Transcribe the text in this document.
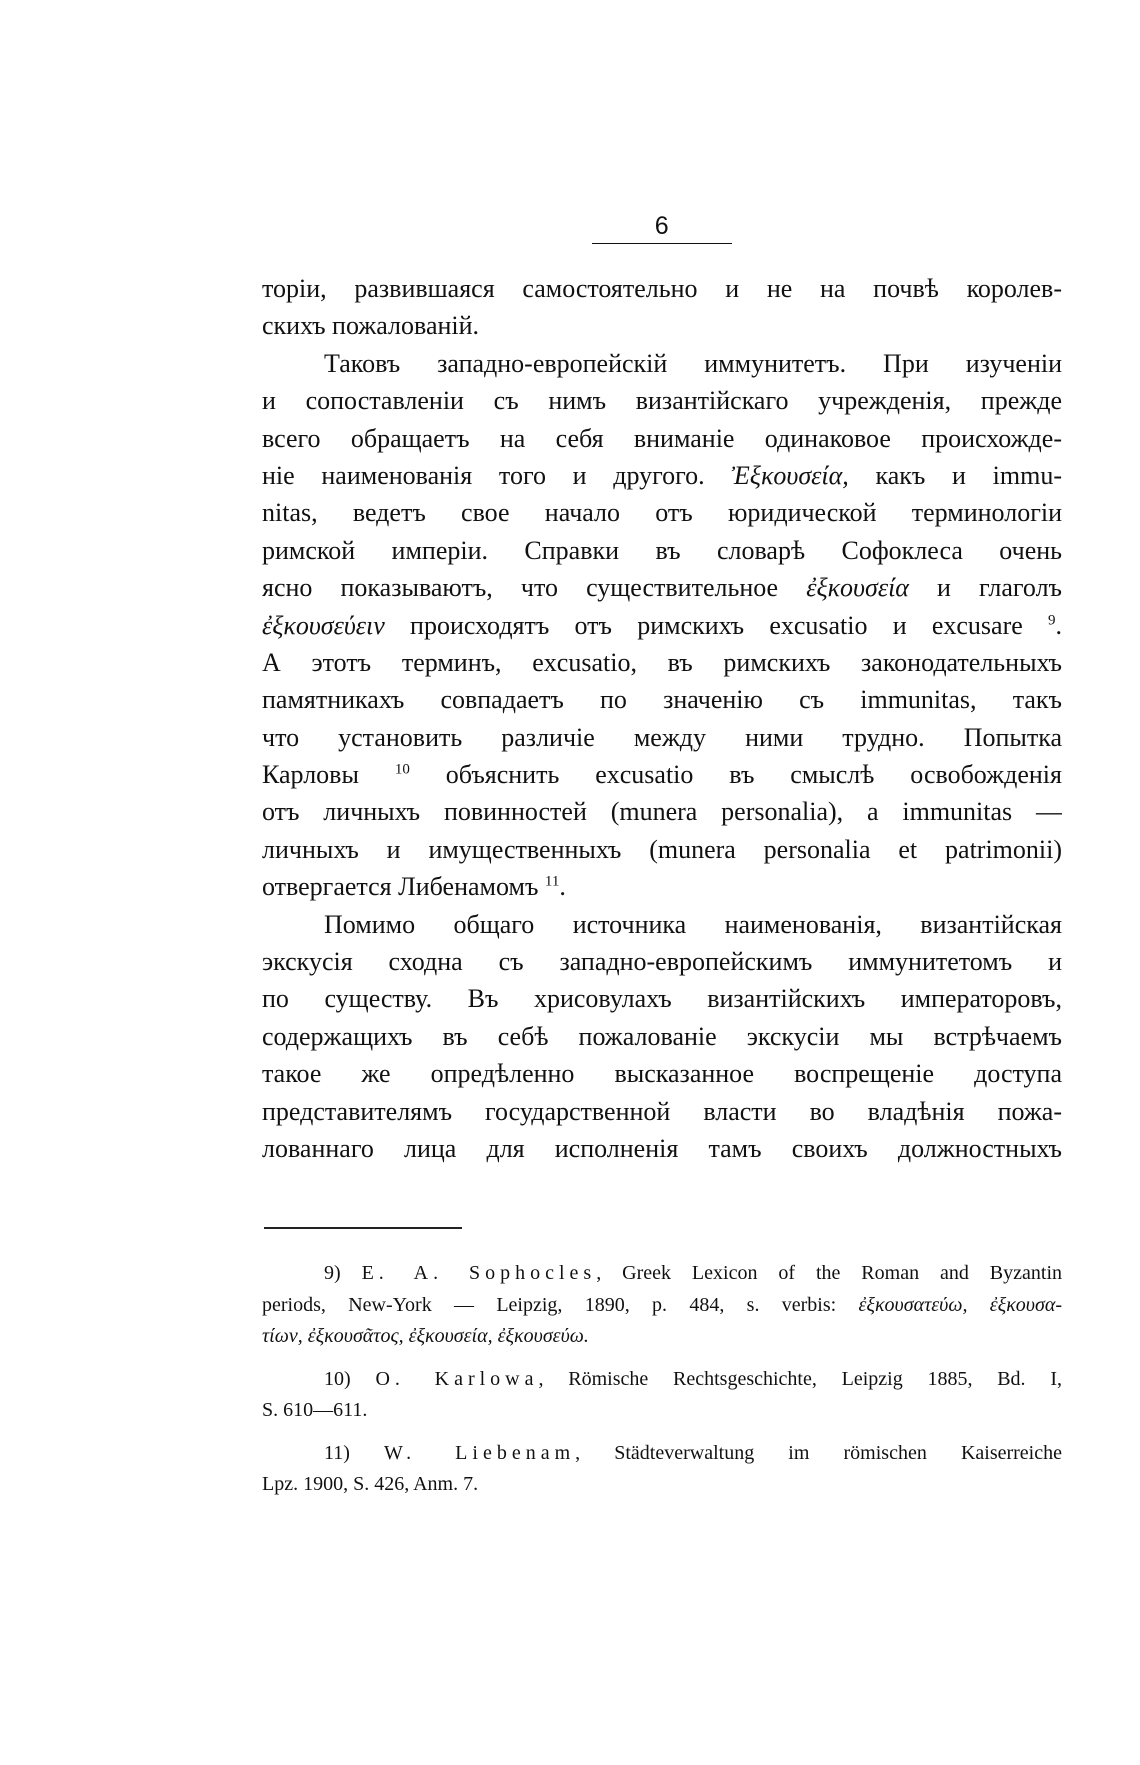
6
торіи, развившаяся самостоятельно и не на почвѣ королев-
скихъ пожалованій.
Таковъ западно-европейскій иммунитетъ. При изученіи
и сопоставленіи съ нимъ византійскаго учрежденія, прежде
всего обращаетъ на себя вниманіе одинаковое происхожде-
ніе наименованія того и другого. Ἐξκουσεία, какъ и immu-
nitas, ведетъ свое начало отъ юридической терминологіи
римской имперіи. Справки въ словарѣ Софоклеса очень
ясно показываютъ, что существительное ἐξκουσεία и глаголъ
ἐξκουσεύειν происходятъ отъ римскихъ excusatio и excusare $^9$.
А этотъ терминъ, excusatio, въ римскихъ законодательныхъ
памятникахъ совпадаетъ по значенію съ immunitas, такъ
что установить различіе между ними трудно. Попытка
Карловы $^{10}$ объяснить excusatio въ смыслѣ освобожденія
отъ личныхъ повинностей (munera personalia), a immunitas —
личныхъ и имущественныхъ (munera personalia et patrimonii)
отвергается Либенамомъ $^{11}$.
Помимо общаго источника наименованія, византійская
экскусія сходна съ западно-европейскимъ иммунитетомъ и
по существу. Въ хрисовулахъ византійскихъ императоровъ,
содержащихъ въ себѣ пожалованіе экскусіи мы встрѣчаемъ
такое же опредѣленно высказанное воспрещеніе доступа
представителямъ государственной власти во владѣнія пожа-
лованнаго лица для исполненія тамъ своихъ должностныхъ
9) E. A. Sophocles, Greek Lexicon of the Roman and Byzantin
periods, New-York — Leipzig, 1890, p. 484, s. verbis: ἐξκουσατεύω, ἐξκουσα-
τίων, ἐξκουσᾶτος, ἐξκουσεία, ἐξκουσεύω.
10) O. Karlowa, Römische Rechtsgeschichte, Leipzig 1885, Bd. I,
S. 610—611.
11) W. Liebenam, Städteverwaltung im römischen Kaiserreiche
Lpz. 1900, S. 426, Anm. 7.
